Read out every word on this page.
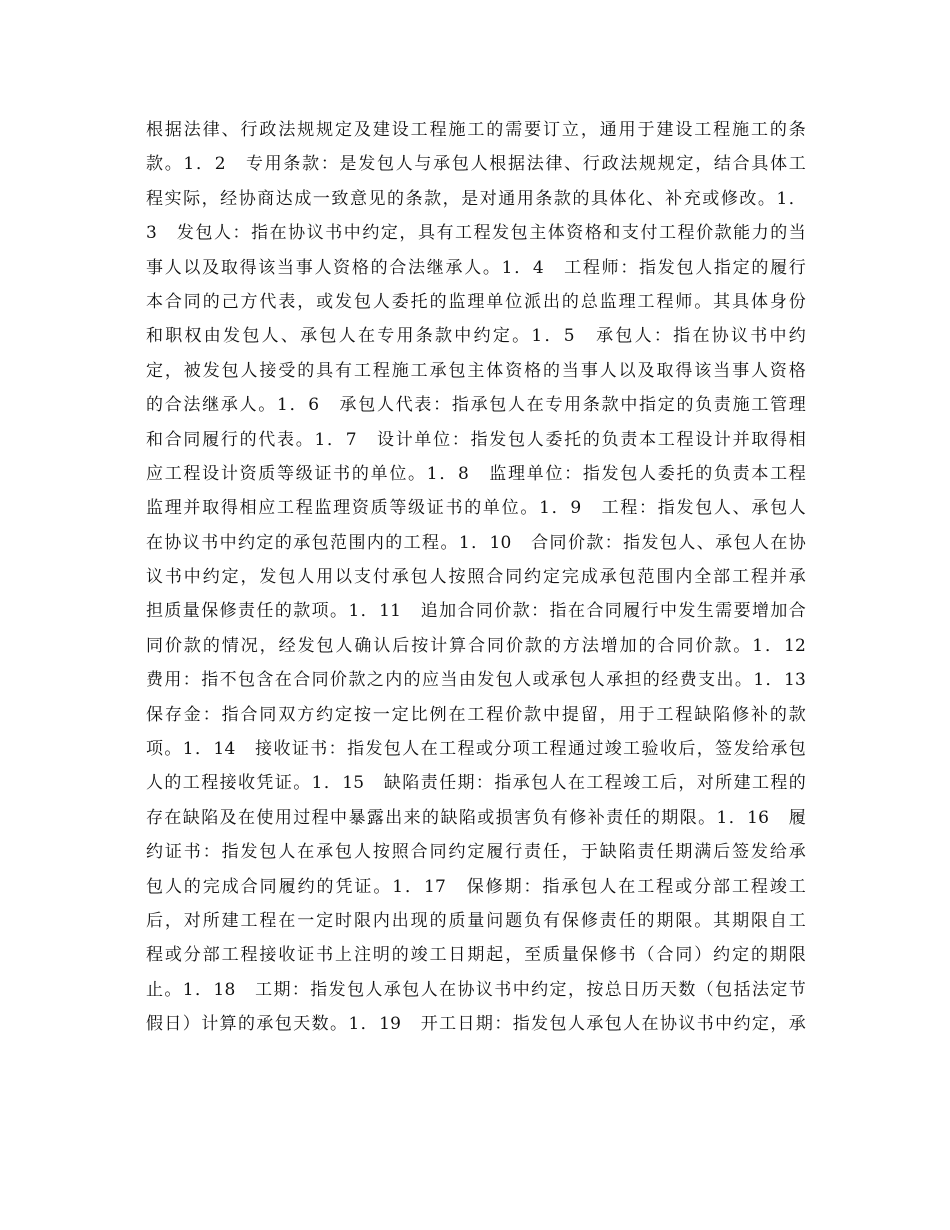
根据法律、行政法规规定及建设工程施工的需要订立，通用于建设工程施工的条
款。1．2　专用条款：是发包人与承包人根据法律、行政法规规定，结合具体工
程实际，经协商达成一致意见的条款，是对通用条款的具体化、补充或修改。1．
3　发包人：指在协议书中约定，具有工程发包主体资格和支付工程价款能力的当
事人以及取得该当事人资格的合法继承人。1．4　工程师：指发包人指定的履行
本合同的己方代表，或发包人委托的监理单位派出的总监理工程师。其具体身份
和职权由发包人、承包人在专用条款中约定。1．5　承包人：指在协议书中约
定，被发包人接受的具有工程施工承包主体资格的当事人以及取得该当事人资格
的合法继承人。1．6　承包人代表：指承包人在专用条款中指定的负责施工管理
和合同履行的代表。1．7　设计单位：指发包人委托的负责本工程设计并取得相
应工程设计资质等级证书的单位。1．8　监理单位：指发包人委托的负责本工程
监理并取得相应工程监理资质等级证书的单位。1．9　工程：指发包人、承包人
在协议书中约定的承包范围内的工程。1．10　合同价款：指发包人、承包人在协
议书中约定，发包人用以支付承包人按照合同约定完成承包范围内全部工程并承
担质量保修责任的款项。1．11　追加合同价款：指在合同履行中发生需要增加合
同价款的情况，经发包人确认后按计算合同价款的方法增加的合同价款。1．12
费用：指不包含在合同价款之内的应当由发包人或承包人承担的经费支出。1．13
保存金：指合同双方约定按一定比例在工程价款中提留，用于工程缺陷修补的款
项。1．14　接收证书：指发包人在工程或分项工程通过竣工验收后，签发给承包
人的工程接收凭证。1．15　缺陷责任期：指承包人在工程竣工后，对所建工程的
存在缺陷及在使用过程中暴露出来的缺陷或损害负有修补责任的期限。1．16　履
约证书：指发包人在承包人按照合同约定履行责任，于缺陷责任期满后签发给承
包人的完成合同履约的凭证。1．17　保修期：指承包人在工程或分部工程竣工
后，对所建工程在一定时限内出现的质量问题负有保修责任的期限。其期限自工
程或分部工程接收证书上注明的竣工日期起，至质量保修书（合同）约定的期限
止。1．18　工期：指发包人承包人在协议书中约定，按总日历天数（包括法定节
假日）计算的承包天数。1．19　开工日期：指发包人承包人在协议书中约定，承
